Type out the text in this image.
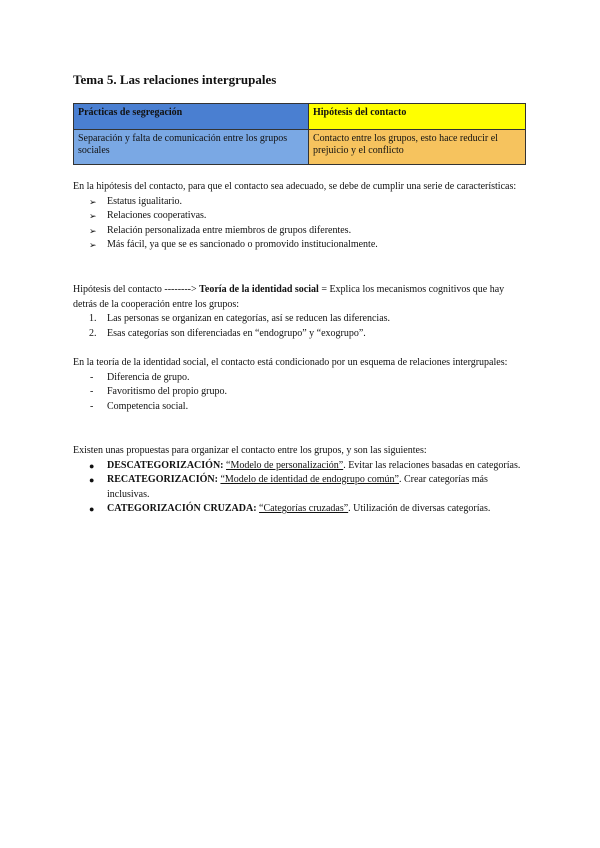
Tema 5. Las relaciones intergrupales
Prácticas de segregación	Hipótesis del contacto
Separación y falta de comunicación entre los grupos sociales	Contacto entre los grupos, esto hace reducir el prejuicio y el conflicto

En la hipótesis del contacto, para que el contacto sea adecuado, se debe de cumplir una serie de características:

➢ Estatus igualitario.
➢ Relaciones cooperativas.
➢ Relación personalizada entre miembros de grupos diferentes.
➢ Más fácil, ya que se es sancionado o promovido institucionalmente.

Hipótesis del contacto --------> Teoría de la identidad social = Explica los mecanismos cognitivos que hay detrás de la cooperación entre los grupos:

1. Las personas se organizan en categorías, así se reducen las diferencias.
2. Esas categorías son diferenciadas en “endogrupo” y “exogrupo”.

En la teoría de la identidad social, el contacto está condicionado por un esquema de relaciones intergrupales:

- Diferencia de grupo.
- Favoritismo del propio grupo.
- Competencia social.

Existen unas propuestas para organizar el contacto entre los grupos, y son las siguientes:

● DESCATEGORIZACIÓN: “Modelo de personalización”. Evitar las relaciones basadas en categorías.
● RECATEGORIZACIÓN: “Modelo de identidad de endogrupo común”. Crear categorías más inclusivas.
● CATEGORIZACIÓN CRUZADA: “Categorías cruzadas”. Utilización de diversas categorías.
